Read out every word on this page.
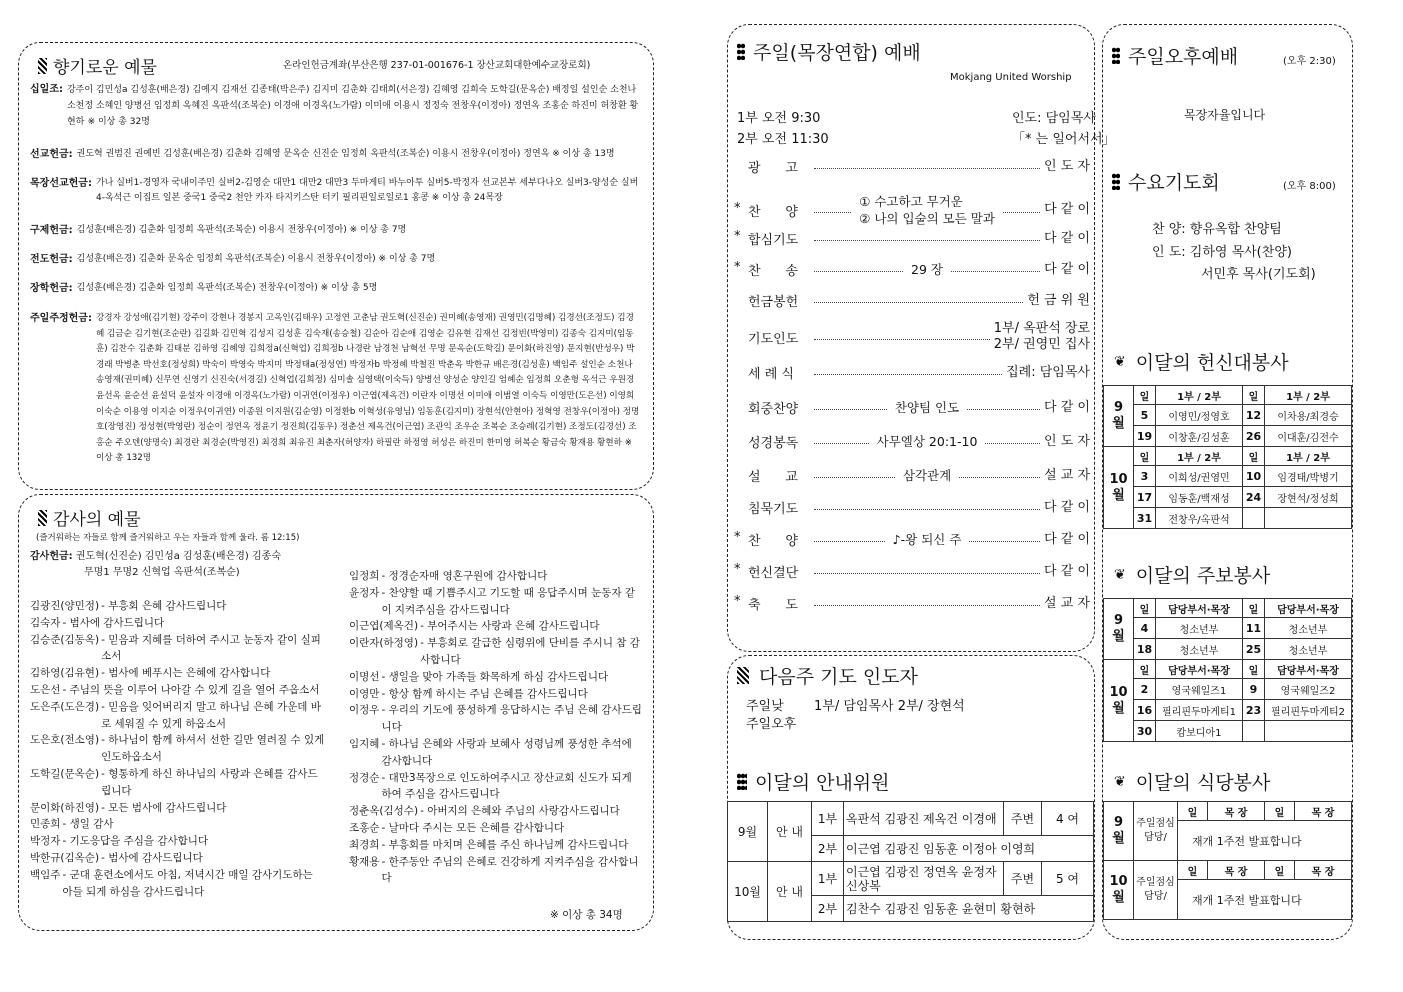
향기로운 예물	온라인헌금계좌(부산은행 237-01-001676-1 장산교회대한예수교장로회)
십일조: 강주이 김민성a 김성훈(배은경) 김예지 김재선 김종태(박은주) 김지미 김춘화 김태희(서은경) 김혜영 김희숙 도학길(문옥순) 배정일 설인순 소천나 소천정 소혜인 양병선 임정희 옥혜진 옥판석(조복순) 이경애 이경옥(노가람) 이미애 이용시 정정숙 전창우(이정아) 정연옥 조홍순 하진미 허창환 황현하 ※ 이상 총 32명
선교헌금: 권도혁 권범진 권예빈 김성훈(배은경) 김춘화 김혜영 문옥순 신진순 임정희 옥판석(조복순) 이용시 전창우(이정아) 정연옥 ※ 이상 총 13명
목장선교헌금: 가나 실버1-경영자 국내이주민 실버2-김영순 대만1 대만2 대만3 두마게티 바누아투 실버5-박정자 선교본부 세부다나오 실버3-양성순 실버4-옥석근 이집트 일본 중국1 중국2 천안 카자 타지키스탄 터키 필리핀일로일로1 홍콩 ※ 이상 총 24목장
구제헌금: 김성훈(배은경) 김춘화 임정희 옥판석(조복순) 이용시 전창우(이정아) ※ 이상 총 7명
전도헌금: 김성훈(배은경) 김춘화 문옥순 임정희 옥판석(조복순) 이용시 전창우(이정아) ※ 이상 총 7명
장학헌금: 김성훈(배은경) 김춘화 임정희 옥판석(조복순) 전창우(이정아) ※ 이상 총 5명
주일주정헌금: 강경자 강성애(김기현) 강주이 강현나 경봉지 고옥인(김태우) 고정연 고춘남 권도혁(신진순) 권미혜(송영재) 권영민(김명혜) 김경선(조정도) 김경혜 김금순 김기현(조순란) 김길화 김민혁 김성지 김성훈 김숙재(송승철) 김순아 김순애 김영순 김유현 김재선 김정빈(박영미) 김종숙 김지미(임동훈) 김찬수 김춘화 김태분 김하영 김혜영 김희정a(신혁업) 김희정b 나경란 남경천 남혁선 무명 문옥순(도학길) 문이화(하진영) 문지현(반성우) 박경래 박병춘 박선호(정성희) 박숙이 박영숙 박지미 박정태a(정성연) 박정자b 박정혜 박철진 박춘옥 박한규 배은경(김성훈) 백임주 설인순 소천나 송영재(권미혜) 신무연 신영기 신진숙(서경길) 신혁업(김희정) 심미솔 심영택(이숙득) 양병선 양성순 양인길 엄혜순 임정희 오춘형 옥석근 우원경 윤선옥 윤순선 윤설덕 윤설자 이경애 이경옥(노가람) 이귀연(이정우) 이근엽(제옥건) 이란자 이명선 이미애 이범열 이숙득 이영만(도은선) 이영희 이숙순 이용영 이지순 이정우(이귀연) 이종원 이지원(김순영) 이정환b 이혁성(유영님) 임동훈(김지미) 장현석(안현아) 정혁영 전창우(이정아) 정명호(장영진) 정성현(박영란) 정순이 정연옥 정윤기 정진희(김동우) 정춘선 제옥건(이근엽) 조관익 조우순 조복순 조승례(김기현) 조정도(김경선) 조홍순 주오덴(양명숙) 최경란 최경순(박영진) 최경희 최유진 최춘자(허양자) 하필란 하정영 허성은 하진미 한미영 허복순 황금숙 황재용 황현하 ※ 이상 총 132명
감사의 예물
(즐거워하는 자들로 함께 즐거워하고 우는 자들과 함께 울라. 롬 12:15)
감사헌금: 권도혁(신진순) 김민성a 김성훈(배은경) 김종숙
무명1 무명2 신혁업 옥판석(조복순)
김광진(양민정) - 부흥회 은혜 감사드립니다
김숙자 - 범사에 감사드립니다
김승준(김동옥) - 믿음과 지혜를 더하여 주시고 눈동자 같이 실피소서
김하영(김유현) - 범사에 베푸시는 은혜에 감사합니다
도은선 - 주님의 뜻을 이루어 나아갈 수 있게 길을 열어 주옵소서
도은주(도은경) - 믿음을 잊어버리지 말고 하나님 은혜 가운데 바로 세워질 수 있게 하옵소서
도은호(전소영) - 하나님이 함께 하셔서 선한 길만 열려질 수 있게 인도하옵소서
도학길(문옥순) - 형통하게 하신 하나님의 사랑과 은혜를 감사드립니다
문이화(하진영) - 모든 범사에 감사드립니다
민종희 - 생일 감사
박정자 - 기도응답을 주심을 감사합니다
박한규(김옥순) - 범사에 감사드립니다
백임주 - 군대 훈련소에서도 아침, 저녁시간 매일 감사기도하는 아들 되게 하심을 감사드립니다
임정희 - 정경순자매 영혼구원에 감사합니다
윤정자 - 찬양할 때 기쁨주시고 기도할 때 응답주시며 눈동자 같이 지켜주심을 감사드립니다
이근엽(제옥건) - 부어주시는 사랑과 은혜 감사드립니다
이란자(하정영) - 부흥회로 갈급한 심령위에 단비를 주시니 참 감사합니다
이명선 - 생일을 맞아 가족들 화목하게 하심 감사드립니다
이영만 - 항상 함께 하시는 주님 은혜를 감사드립니다
이정우 - 우리의 기도에 풍성하게 응답하시는 주님 은혜 감사드립니다
임지혜 - 하나님 은혜와 사랑과 보혜사 성령님께 풍성한 추석에 감사합니다
정경순 - 대만3목장으로 인도하여주시고 장산교회 신도가 되게 하여 주심을 감사드립니다
정춘옥(김성수) - 아버지의 은혜와 주님의 사랑감사드립니다
조홍순 - 날마다 주시는 모든 은혜를 감사합니다
최경희 - 부흥회를 마치며 은혜를 주신 하나님께 감사드립니다
황재용 - 한주동안 주님의 은혜로 건강하게 지켜주심을 감사합니다
※ 이상 총 34명
주일(목장연합) 예배
Mokjang United Worship
1부 오전 9:30
2부 오전 11:30
인도: 담임목사
「* 는 일어서서」
광      고	인 도 자
* 찬      양
① 수고하고 무거운
② 나의 입술의 모든 말과
다 같 이
* 합심기도	다 같 이
* 찬      송	29 장	다 같 이
헌금봉헌	헌 금 위 원
기도인도
1부/ 옥판석 장로
2부/ 권영민 집사
세 례 식	집례: 담임목사
회중찬양	찬양팀 인도	다 같 이
성경봉독	사무엘상 20:1-10	인 도 자
설      교	삼각관계	설 교 자
침묵기도	다 같 이
* 찬      양	♪-왕 되신 주	다 같 이
* 헌신결단	다 같 이
* 축      도	설 교 자
다음주 기도 인도자
주일낮	1부/ 담임목사 2부/ 장현석
주일오후
이달의 안내위원
9월	안 내	1부	옥판석 김광진 제옥건 이경애	주변	4 여
		2부	이근엽 김광진 임동훈 이정아 이영희		
10월	안 내	1부	이근엽 김광진 정연옥 윤정자 신상복	주변	5 여
		2부	김찬수 김광진 임동훈 윤현미 황현하		
주일오후예배	(오후 2:30)
목장자율입니다
수요기도회	(오후 8:00)
찬 양: 향유옥합 찬양팀
인 도: 김하영 목사(찬양)
서민후 목사(기도회)
❦ 이달의 헌신대봉사
9
월	일	1부 / 2부	일	1부 / 2부
	5	이영민/정영호	12	이차용/최경승
	19	이창훈/김성훈	26	이대훈/김전수
10
월	일	1부 / 2부	일	1부 / 2부
	3	이희성/권영민	10	임경태/박병기
	17	임동훈/백재성	24	장현석/정성희
	31	전창우/옥판석		
❦ 이달의 주보봉사
9
월	일	담당부서·목장	일	담당부서·목장
	4	청소년부	11	청소년부
	18	청소년부	25	청소년부
10
월	일	담당부서·목장	일	담당부서·목장
	2	영국웨일즈1	9	영국웨일즈2
	16	필리핀두마게티1	23	필리핀두마게티2
	30	캄보디아1		
❦ 이달의 식당봉사
9
월	주일점심
담당/	일	목 장	일	목 장
		재개 1주전 발표합니다			
10
월	주일점심
담당/	일	목 장	일	목 장
		재개 1주전 발표합니다			
